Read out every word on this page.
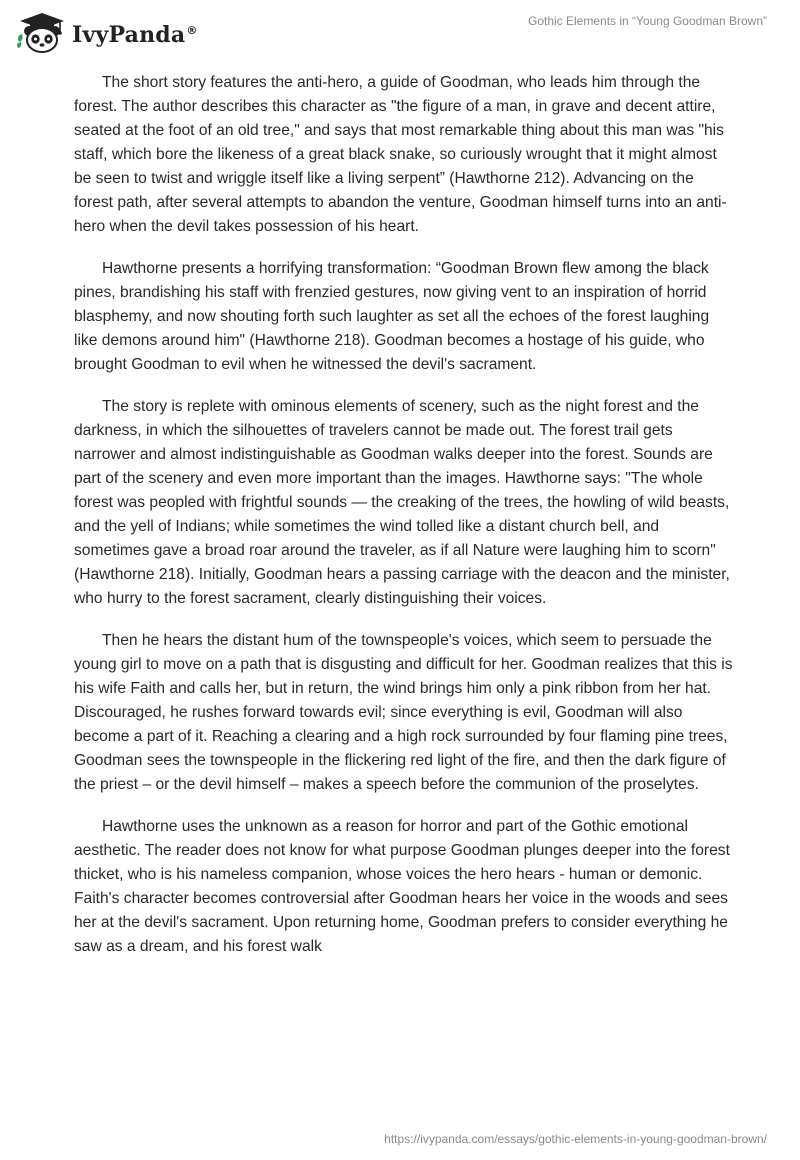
IvyPanda®
Gothic Elements in “Young Goodman Brown”

The short story features the anti-hero, a guide of Goodman, who leads him through the forest. The author describes this character as "the figure of a man, in grave and decent attire, seated at the foot of an old tree," and says that most remarkable thing about this man was "his staff, which bore the likeness of a great black snake, so curiously wrought that it might almost be seen to twist and wriggle itself like a living serpent” (Hawthorne 212). Advancing on the forest path, after several attempts to abandon the venture, Goodman himself turns into an anti-hero when the devil takes possession of his heart.

Hawthorne presents a horrifying transformation: “Goodman Brown flew among the black pines, brandishing his staff with frenzied gestures, now giving vent to an inspiration of horrid blasphemy, and now shouting forth such laughter as set all the echoes of the forest laughing like demons around him" (Hawthorne 218). Goodman becomes a hostage of his guide, who brought Goodman to evil when he witnessed the devil's sacrament.

The story is replete with ominous elements of scenery, such as the night forest and the darkness, in which the silhouettes of travelers cannot be made out. The forest trail gets narrower and almost indistinguishable as Goodman walks deeper into the forest. Sounds are part of the scenery and even more important than the images. Hawthorne says: "The whole forest was peopled with frightful sounds — the creaking of the trees, the howling of wild beasts, and the yell of Indians; while sometimes the wind tolled like a distant church bell, and sometimes gave a broad roar around the traveler, as if all Nature were laughing him to scorn" (Hawthorne 218). Initially, Goodman hears a passing carriage with the deacon and the minister, who hurry to the forest sacrament, clearly distinguishing their voices.

Then he hears the distant hum of the townspeople's voices, which seem to persuade the young girl to move on a path that is disgusting and difficult for her. Goodman realizes that this is his wife Faith and calls her, but in return, the wind brings him only a pink ribbon from her hat. Discouraged, he rushes forward towards evil; since everything is evil, Goodman will also become a part of it. Reaching a clearing and a high rock surrounded by four flaming pine trees, Goodman sees the townspeople in the flickering red light of the fire, and then the dark figure of the priest – or the devil himself – makes a speech before the communion of the proselytes.

Hawthorne uses the unknown as a reason for horror and part of the Gothic emotional aesthetic. The reader does not know for what purpose Goodman plunges deeper into the forest thicket, who is his nameless companion, whose voices the hero hears - human or demonic. Faith's character becomes controversial after Goodman hears her voice in the woods and sees her at the devil's sacrament. Upon returning home, Goodman prefers to consider everything he saw as a dream, and his forest walk

https://ivypanda.com/essays/gothic-elements-in-young-goodman-brown/
